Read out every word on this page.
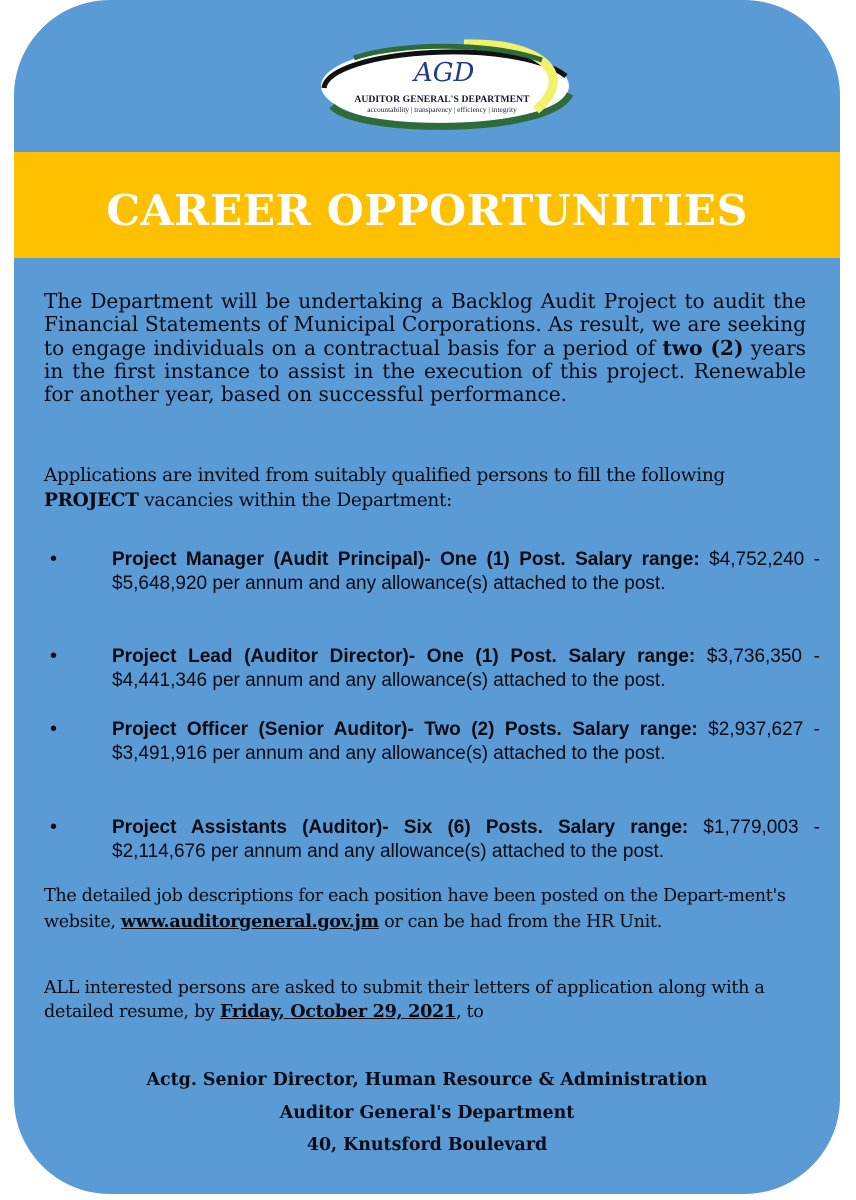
AGD
AUDITOR GENERAL'S DEPARTMENT
accountability | transparency | efficiency | integrity
CAREER OPPORTUNITIES

The Department will be undertaking a Backlog Audit Project to audit the Financial Statements of Municipal Corporations. As result, we are seeking to engage individuals on a contractual basis for a period of two (2) years in the first instance to assist in the execution of this project. Renewable for another year, based on successful performance.

Applications are invited from suitably qualified persons to fill the following
PROJECT vacancies within the Department:

•	Project Manager (Audit Principal)- One (1) Post. Salary range: $4,752,240 - $5,648,920 per annum and any allowance(s) attached to the post.
•	Project Lead (Auditor Director)- One (1) Post. Salary range: $3,736,350 - $4,441,346 per annum and any allowance(s) attached to the post.
•	Project Officer (Senior Auditor)- Two (2) Posts. Salary range: $2,937,627 - $3,491,916 per annum and any allowance(s) attached to the post.
•	Project Assistants (Auditor)- Six (6) Posts. Salary range: $1,779,003 - $2,114,676 per annum and any allowance(s) attached to the post.

The detailed job descriptions for each position have been posted on the Depart-ment's website, www.auditorgeneral.gov.jm or can be had from the HR Unit.

ALL interested persons are asked to submit their letters of application along with a detailed resume, by Friday, October 29, 2021, to

Actg. Senior Director, Human Resource & Administration
Auditor General's Department
40, Knutsford Boulevard
